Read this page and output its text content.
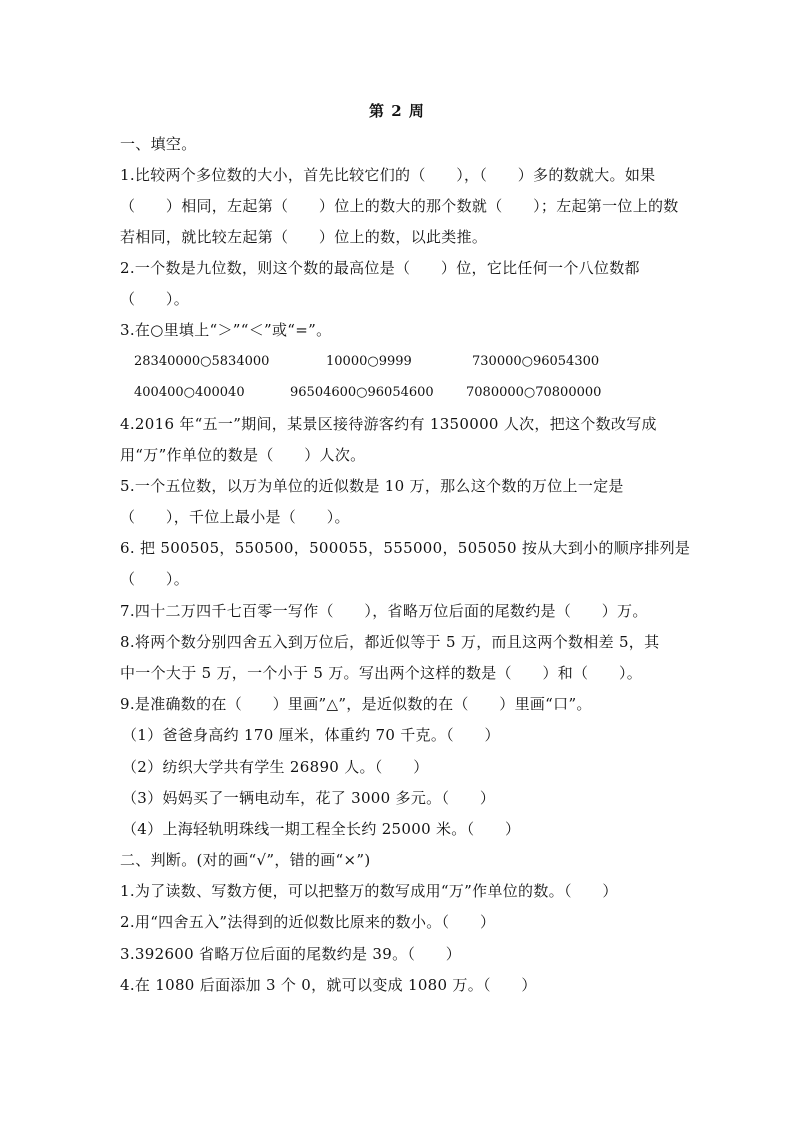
第 2 周
一、填空。
1.比较两个多位数的大小，首先比较它们的（　　），（　　）多的数就大。如果
（　　）相同，左起第（　　）位上的数大的那个数就（　　）；左起第一位上的数
若相同，就比较左起第（　　）位上的数，以此类推。
2.一个数是九位数，则这个数的最高位是（　　）位，它比任何一个八位数都
（　　）。
3.在○里填上“＞”“＜”或“=”。
28340000○5834000	10000○9999	730000○96054300
400400○400040	96504600○96054600 7080000○70800000
4.2016 年“五一”期间，某景区接待游客约有 1350000 人次，把这个数改写成
用“万”作单位的数是（　　）人次。
5.一个五位数，以万为单位的近似数是 10 万，那么这个数的万位上一定是
（　　），千位上最小是（　　）。
6. 把 500505，550500，500055，555000，505050 按从大到小的顺序排列是
（　　）。
7.四十二万四千七百零一写作（　　），省略万位后面的尾数约是（　　）万。
8.将两个数分别四舍五入到万位后，都近似等于 5 万，而且这两个数相差 5，其
中一个大于 5 万，一个小于 5 万。写出两个这样的数是（　　）和（　　）。
9.是准确数的在（　　）里画”△”，是近似数的在（　　）里画“口”。
（1）爸爸身高约 170 厘米，体重约 70 千克。（　　）
（2）纺织大学共有学生 26890 人。（　　）
（3）妈妈买了一辆电动车，花了 3000 多元。（　　）
（4）上海轻轨明珠线一期工程全长约 25000 米。（　　）
二、判断。(对的画“√”，错的画“×”)
1.为了读数、写数方便，可以把整万的数写成用“万”作单位的数。（　　）
2.用“四舍五入”法得到的近似数比原来的数小。（　　）
3.392600 省略万位后面的尾数约是 39。（　　）
4.在 1080 后面添加 3 个 0，就可以变成 1080 万。（　　）
